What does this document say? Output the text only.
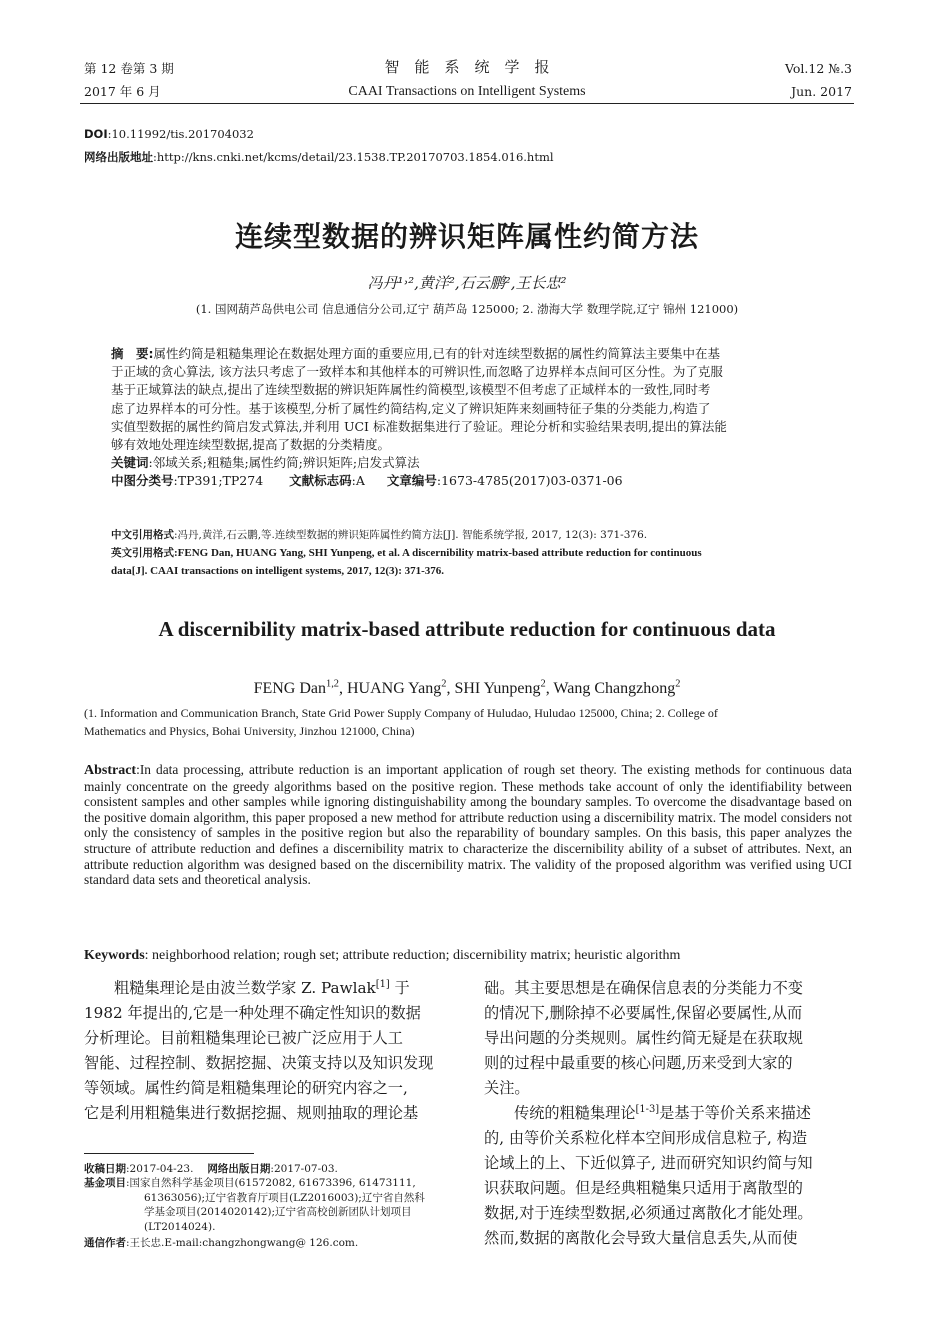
第 12 卷第 3 期	智　能　系　统　学　报	Vol.12 №.3
2017 年 6 月	CAAI Transactions on Intelligent Systems	Jun. 2017
DOI:10.11992/tis.201704032
网络出版地址:http://kns.cnki.net/kcms/detail/23.1538.TP.20170703.1854.016.html
连续型数据的辨识矩阵属性约简方法
冯丹¹˒²,黄洋²,石云鹏²,王长忠²
(1. 国网葫芦岛供电公司 信息通信分公司,辽宁 葫芦岛 125000; 2. 渤海大学 数理学院,辽宁 锦州 121000)
摘　要:属性约简是粗糙集理论在数据处理方面的重要应用,已有的针对连续型数据的属性约简算法主要集中在基
于正域的贪心算法, 该方法只考虑了一致样本和其他样本的可辨识性,而忽略了边界样本点间可区分性。为了克服
基于正域算法的缺点,提出了连续型数据的辨识矩阵属性约简模型,该模型不但考虑了正域样本的一致性,同时考
虑了边界样本的可分性。基于该模型,分析了属性约简结构,定义了辨识矩阵来刻画特征子集的分类能力,构造了
实值型数据的属性约简启发式算法,并利用 UCI 标准数据集进行了验证。理论分析和实验结果表明,提出的算法能
够有效地处理连续型数据,提高了数据的分类精度。
关键词:邻域关系;粗糙集;属性约简;辨识矩阵;启发式算法
中图分类号:TP391;TP274 文献标志码:A 文章编号:1673-4785(2017)03-0371-06
中文引用格式:冯丹,黄洋,石云鹏,等.连续型数据的辨识矩阵属性约简方法[J]. 智能系统学报, 2017, 12(3): 371-376.
英文引用格式:FENG Dan, HUANG Yang, SHI Yunpeng, et al. A discernibility matrix-based attribute reduction for continuous
data[J]. CAAI transactions on intelligent systems, 2017, 12(3): 371-376.
A discernibility matrix-based attribute reduction for continuous data
FENG Dan$^{1,2}$, HUANG Yang$^2$, SHI Yunpeng$^2$, Wang Changzhong$^2$
(1. Information and Communication Branch, State Grid Power Supply Company of Huludao, Huludao 125000, China; 2. College of
Mathematics and Physics, Bohai University, Jinzhou 121000, China)
Abstract:In data processing, attribute reduction is an important application of rough set theory. The existing methods for continuous data mainly concentrate on the greedy algorithms based on the positive region. These methods take account of only the identifiability between consistent samples and other samples while ignoring distinguishability among the boundary samples. To overcome the disadvantage based on the positive domain algorithm, this paper proposed a new method for attribute reduction using a discernibility matrix. The model considers not only the consistency of samples in the positive region but also the reparability of boundary samples. On this basis, this paper analyzes the structure of attribute reduction and defines a discernibility matrix to characterize the discernibility ability of a subset of attributes. Next, an attribute reduction algorithm was designed based on the discernibility matrix. The validity of the proposed algorithm was verified using UCI standard data sets and theoretical analysis.
Keywords: neighborhood relation; rough set; attribute reduction; discernibility matrix; heuristic algorithm
粗糙集理论是由波兰数学家 Z. Pawlak[1] 于
1982 年提出的,它是一种处理不确定性知识的数据
分析理论。目前粗糙集理论已被广泛应用于人工
智能、过程控制、数据挖掘、决策支持以及知识发现
等领域。属性约简是粗糙集理论的研究内容之一,
它是利用粗糙集进行数据挖掘、规则抽取的理论基
收稿日期:2017-04-23. 网络出版日期:2017-07-03.
基金项目:国家自然科学基金项目(61572082, 61673396, 61473111,
61363056);辽宁省教育厅项目(LZ2016003);辽宁省自然科
学基金项目(2014020142);辽宁省高校创新团队计划项目
(LT2014024).
通信作者:王长忠.E-mail:changzhongwang@ 126.com.
础。其主要思想是在确保信息表的分类能力不变
的情况下,删除掉不必要属性,保留必要属性,从而
导出问题的分类规则。属性约简无疑是在获取规
则的过程中最重要的核心问题,历来受到大家的
关注。
传统的粗糙集理论[1-3]是基于等价关系来描述
的, 由等价关系粒化样本空间形成信息粒子, 构造
论域上的上、下近似算子, 进而研究知识约简与知
识获取问题。但是经典粗糙集只适用于离散型的
数据,对于连续型数据,必须通过离散化才能处理。
然而,数据的离散化会导致大量信息丢失,从而使
